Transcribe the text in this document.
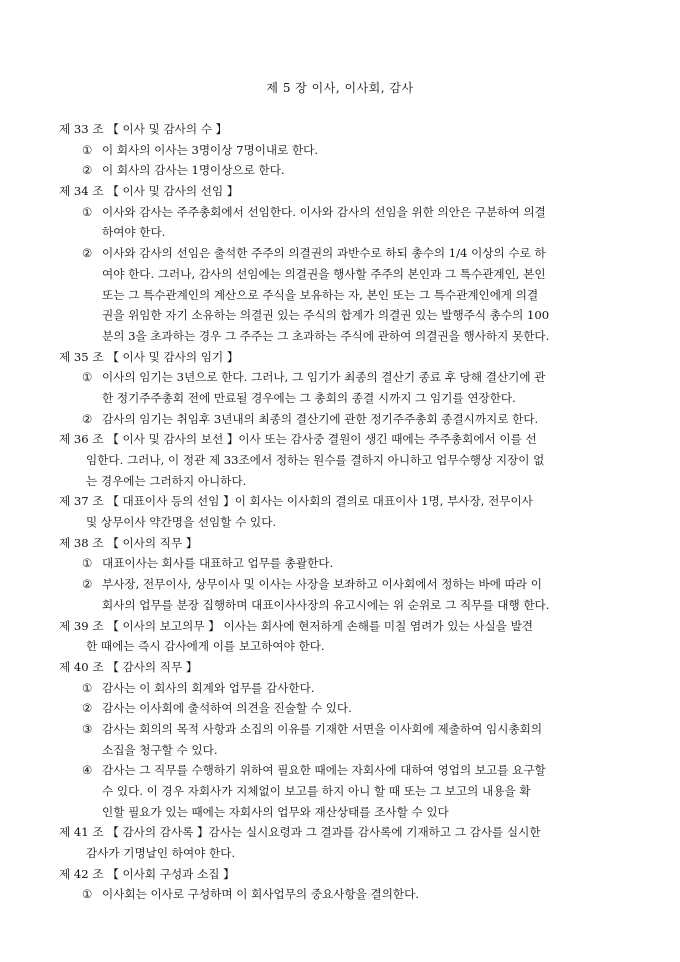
제 5 장 이사, 이사회, 감사
제 33 조 【 이사 및 감사의 수 】
① 이 회사의 이사는 3명이상 7명이내로 한다.
② 이 회사의 감사는 1명이상으로 한다.
제 34 조 【 이사 및 감사의 선임 】
① 이사와 감사는 주주총회에서 선임한다. 이사와 감사의 선임을 위한 의안은 구분하여 의결
하여야 한다.
② 이사와 감사의 선임은 출석한 주주의 의결권의 과반수로 하되 총수의 1/4 이상의 수로 하
여야 한다. 그러나, 감사의 선임에는 의결권을 행사할 주주의 본인과 그 특수관계인, 본인
또는 그 특수관계인의 계산으로 주식을 보유하는 자, 본인 또는 그 특수관계인에게 의결
권을 위임한 자기 소유하는 의결권 있는 주식의 합계가 의결권 있는 발행주식 총수의 100
분의 3을 초과하는 경우 그 주주는 그 초과하는 주식에 관하여 의결권을 행사하지 못한다.
제 35 조 【 이사 및 감사의 임기 】
① 이사의 임기는 3년으로 한다. 그러나, 그 임기가 최종의 결산기 종료 후 당해 결산기에 관
한 정기주주총회 전에 만료될 경우에는 그 총회의 종결 시까지 그 임기를 연장한다.
② 감사의 임기는 취임후 3년내의 최종의 결산기에 관한 정기주주총회 종결시까지로 한다.
제 36 조 【 이사 및 감사의 보선 】이사 또는 감사중 결원이 생긴 때에는 주주총회에서 이를 선
임한다. 그러나, 이 정관 제 33조에서 정하는 원수를 결하지 아니하고 업무수행상 지장이 없
는 경우에는 그러하지 아니하다.
제 37 조 【 대표이사 등의 선임 】이 회사는 이사회의 결의로 대표이사 1명, 부사장, 전무이사
및 상무이사 약간명을 선임할 수 있다.
제 38 조 【 이사의 직무 】
① 대표이사는 회사를 대표하고 업무를 총괄한다.
② 부사장, 전무이사, 상무이사 및 이사는 사장을 보좌하고 이사회에서 정하는 바에 따라 이
회사의 업무를 분장 집행하며 대표이사사장의 유고시에는 위 순위로 그 직무를 대행 한다.
제 39 조 【 이사의 보고의무 】 이사는 회사에 현저하게 손해를 미칠 염려가 있는 사실을 발견
한 때에는 즉시 감사에게 이를 보고하여야 한다.
제 40 조 【 감사의 직무 】
① 감사는 이 회사의 회계와 업무를 감사한다.
② 감사는 이사회에 출석하여 의견을 진술할 수 있다.
③ 감사는 회의의 목적 사항과 소집의 이유를 기재한 서면을 이사회에 제출하여 임시총회의
소집을 청구할 수 있다.
④ 감사는 그 직무를 수행하기 위하여 필요한 때에는 자회사에 대하여 영업의 보고를 요구할
수 있다. 이 경우 자회사가 지체없이 보고를 하지 아니 할 때 또는 그 보고의 내용을 확
인할 필요가 있는 때에는 자회사의 업무와 재산상태를 조사할 수 있다
제 41 조 【 감사의 감사록 】감사는 실시요령과 그 결과를 감사록에 기재하고 그 감사를 실시한
감사가 기명날인 하여야 한다.
제 42 조 【 이사회 구성과 소집 】
① 이사회는 이사로 구성하며 이 회사업무의 중요사항을 결의한다.
